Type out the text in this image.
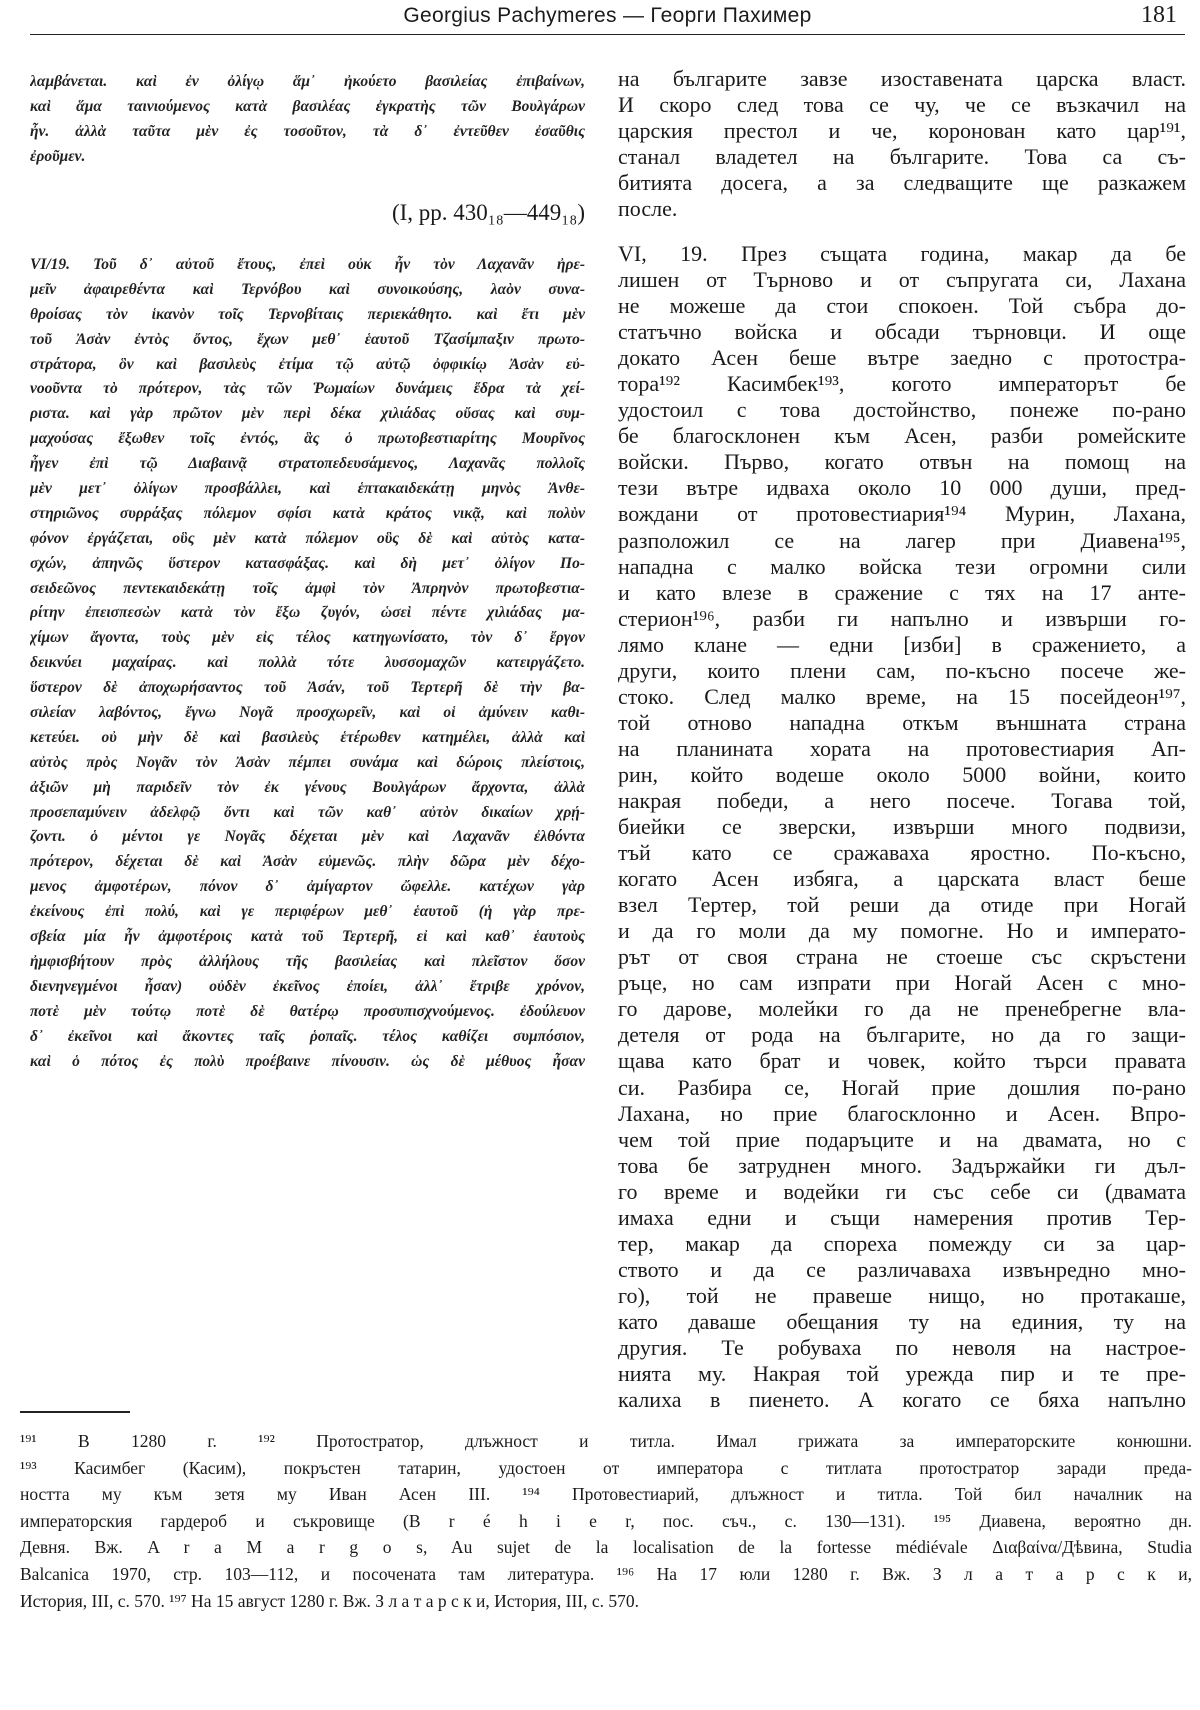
Georgius Pachymeres — Георги Пахимер	181
λαμβάνεται. καὶ ἐν ὀλίγῳ ἅμ᾿ ἠκούετο βασιλείας ἐπιβαίνων,
καὶ ἅμα ταινιούμενος κατὰ βασιλέας ἐγκρατὴς τῶν Βουλγάρων
ἦν. ἀλλὰ ταῦτα μὲν ἐς τοσοῦτον, τὰ δ᾿ ἐντεῦθεν ἐσαῦθις
ἐροῦμεν.
(I, pp. 430₁₈—449₁₈)
VI/19. Τοῦ δ᾿ αὐτοῦ ἔτους, ἐπεὶ οὐκ ἦν τὸν Λαχανᾶν ἠρε-
μεῖν ἀφαιρεθέντα καὶ Τερνόβου καὶ συνοικούσης, λαὸν συνα-
θροίσας τὸν ἱκανὸν τοῖς Τερνοβίταις περιεκάθητο. καὶ ἔτι μὲν
τοῦ Ἀσὰν ἐντὸς ὄντος, ἔχων μεθ᾿ ἑαυτοῦ Τζασίμπαξιν πρωτο-
στράτορα, ὃν καὶ βασιλεὺς ἐτίμα τῷ αὐτῷ ὀφφικίῳ Ἀσὰν εὐ-
νοοῦντα τὸ πρότερον, τὰς τῶν Ῥωμαίων δυνάμεις ἔδρα τὰ χεί-
ριστα. καὶ γὰρ πρῶτον μὲν περὶ δέκα χιλιάδας οὔσας καὶ συμ-
μαχούσας ἔξωθεν τοῖς ἐντός, ἃς ὁ πρωτοβεστιαρίτης Μουρῖνος
ἦγεν ἐπὶ τῷ Διαβαινᾷ στρατοπεδευσάμενος, Λαχανᾶς πολλοῖς
μὲν μετ᾿ ὀλίγων προσβάλλει, καὶ ἑπτακαιδεκάτῃ μηνὸς Ἀνθε-
στηριῶνος συρράξας πόλεμον σφίσι κατὰ κράτος νικᾷ, καὶ πολὺν
φόνον ἐργάζεται, οὓς μὲν κατὰ πόλεμον οὓς δὲ καὶ αὐτὸς κατα-
σχών, ἀπηνῶς ὕστερον κατασφάξας. καὶ δὴ μετ᾿ ὀλίγον Πο-
σειδεῶνος πεντεκαιδεκάτῃ τοῖς ἀμφὶ τὸν Ἀπρηνὸν πρωτοβεστια-
ρίτην ἐπεισπεσὼν κατὰ τὸν ἔξω ζυγόν, ὡσεὶ πέντε χιλιάδας μα-
χίμων ἄγοντα, τοὺς μὲν εἰς τέλος κατηγωνίσατο, τὸν δ᾿ ἔργον
δεικνύει μαχαίρας. καὶ πολλὰ τότε λυσσομαχῶν κατειργάζετο.
ὕστερον δὲ ἀποχωρήσαντος τοῦ Ἀσάν, τοῦ Τερτερῆ δὲ τὴν βα-
σιλείαν λαβόντος, ἔγνω Νογᾶ προσχωρεῖν, καὶ οἱ ἀμύνειν καθι-
κετεύει. οὐ μὴν δὲ καὶ βασιλεὺς ἑτέρωθεν κατημέλει, ἀλλὰ καὶ
αὐτὸς πρὸς Νογᾶν τὸν Ἀσὰν πέμπει συνάμα καὶ δώροις πλείστοις,
ἀξιῶν μὴ παριδεῖν τὸν ἐκ γένους Βουλγάρων ἄρχοντα, ἀλλὰ
προσεπαμύνειν ἀδελφῷ ὄντι καὶ τῶν καθ᾿ αὐτὸν δικαίων χρῄ-
ζοντι. ὁ μέντοι γε Νογᾶς δέχεται μὲν καὶ Λαχανᾶν ἐλθόντα
πρότερον, δέχεται δὲ καὶ Ἀσὰν εὐμενῶς. πλὴν δῶρα μὲν δέχο-
μενος ἀμφοτέρων, πόνον δ᾿ ἀμίγαρτον ὤφελλε. κατέχων γὰρ
ἐκείνους ἐπὶ πολύ, καὶ γε περιφέρων μεθ᾿ ἑαυτοῦ (ἡ γὰρ πρε-
σβεία μία ἦν ἀμφοτέροις κατὰ τοῦ Τερτερῆ, εἰ καὶ καθ᾿ ἑαυτοὺς
ἠμφισβήτουν πρὸς ἀλλήλους τῆς βασιλείας καὶ πλεῖστον ὅσον
διενηνεγμένοι ἦσαν) οὐδὲν ἐκεῖνος ἐποίει, ἀλλ᾿ ἔτριβε χρόνον,
ποτὲ μὲν τούτῳ ποτὲ δὲ θατέρῳ προσυπισχνούμενος. ἐδούλευον
δ᾿ ἐκεῖνοι καὶ ἄκοντες ταῖς ῥοπαῖς. τέλος καθίζει συμπόσιον,
καὶ ὁ πότος ἐς πολὺ προέβαινε πίνουσιν. ὡς δὲ μέθυος ἦσαν
на българите завзе изоставената царска власт.
И скоро след това се чу, че се възкачил на
царския престол и че, коронован като цар¹⁹¹,
станал владетел на българите. Това са съ-
битията досега, а за следващите ще разкажем
после.
VI, 19. През същата година, макар да бе
лишен от Търново и от съпругата си, Лахана
не можеше да стои спокоен. Той събра до-
статъчно войска и обсади търновци. И още
докато Асен беше вътре заедно с протостра-
тора¹⁹² Касимбек¹⁹³, когото императорът бе
удостоил с това достойнство, понеже по-рано
бе благосклонен към Асен, разби ромейските
войски. Първо, когато отвън на помощ на
тези вътре идваха около 10 000 души, пред-
вождани от протовестиария¹⁹⁴ Мурин, Лахана,
разположил се на лагер при Диавена¹⁹⁵,
нападна с малко войска тези огромни сили
и като влезе в сражение с тях на 17 анте-
стерион¹⁹⁶, разби ги напълно и извърши го-
лямо клане — едни [изби] в сражението, а
други, които плени сам, по-късно посече же-
стоко. След малко време, на 15 посейдеон¹⁹⁷,
той отново нападна откъм външната страна
на планината хората на протовестиария Ап-
рин, който водеше около 5000 войни, които
накрая победи, а него посече. Тогава той,
биейки се зверски, извърши много подвизи,
тъй като се сражаваха яростно. По-късно,
когато Асен избяга, а царската власт беше
взел Тертер, той реши да отиде при Ногай
и да го моли да му помогне. Но и императо-
рът от своя страна не стоеше със скръстени
ръце, но сам изпрати при Ногай Асен с мно-
го дарове, молейки го да не пренебрегне вла-
детеля от рода на българите, но да го защи-
щава като брат и човек, който търси правата
си. Разбира се, Ногай прие дошлия по-рано
Лахана, но прие благосклонно и Асен. Впро-
чем той прие подаръците и на двамата, но с
това бе затруднен много. Задържайки ги дъл-
го време и водейки ги със себе си (двамата
имаха едни и същи намерения против Тер-
тер, макар да спореха помежду си за цар-
ството и да се различаваха извънредно мно-
го), той не правеше нищо, но протакаше,
като даваше обещания ту на единия, ту на
другия. Те робуваха по неволя на настрое-
нията му. Накрая той урежда пир и те пре-
калиха в пиенето. А когато се бяха напълно
¹⁹¹ В 1280 г. ¹⁹² Протостратор, длъжност и титла. Имал грижата за императорските конюшни.
¹⁹³ Касимбег (Касим), покръстен татарин, удостоен от императора с титлата протостратор заради преда-
ността му към зетя му Иван Асен III. ¹⁹⁴ Протовестиарий, длъжност и титла. Той бил началник на
императорския гардероб и съкровище (B r é h i e r, пос. съч., с. 130—131). ¹⁹⁵ Диавена, вероятно дн.
Девня. Вж. A r a M a r g o s, Au sujet de la localisation de la fortesse médiévale Διαβαίνα/Дѣвина, Studia
Balcanica 1970, стр. 103—112, и посочената там литература. ¹⁹⁶ На 17 юли 1280 г. Вж. З л а т а р с к и,
История, III, с. 570. ¹⁹⁷ На 15 август 1280 г. Вж. З л а т а р с к и, История, III, с. 570.
